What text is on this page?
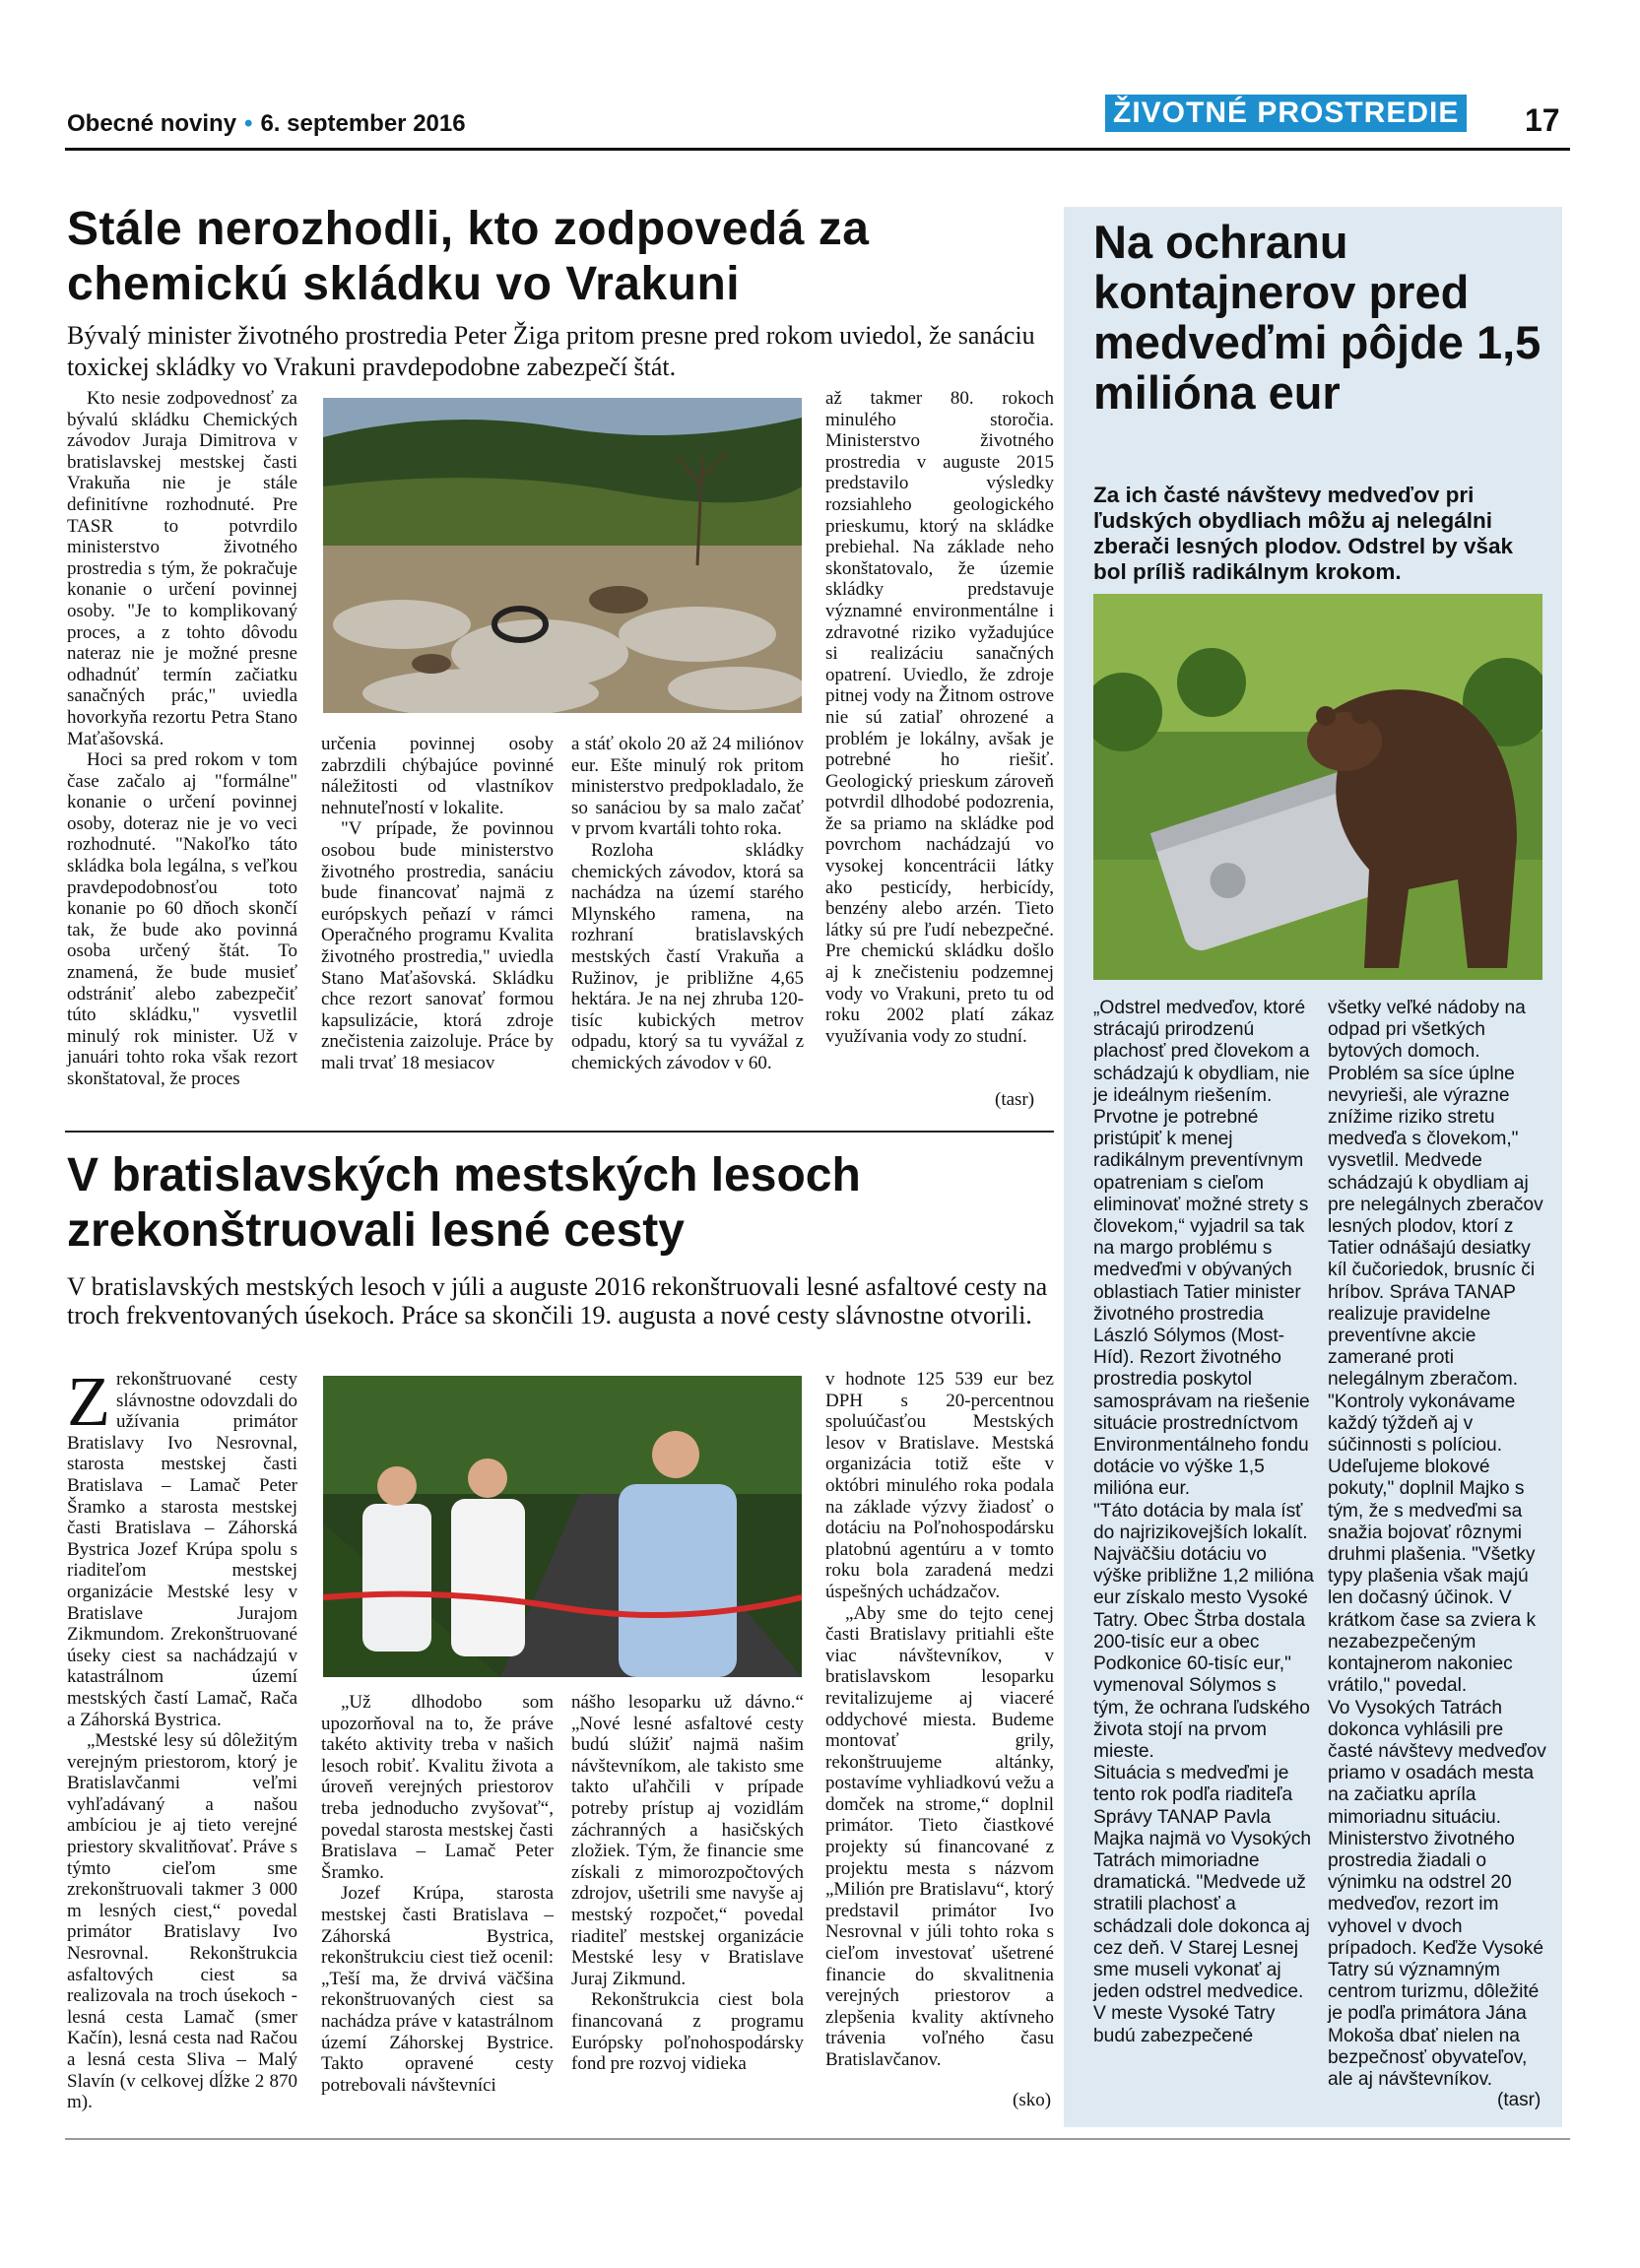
Obecné noviny • 6. september 2016	ŽIVOTNÉ PROSTREDIE 17
Stále nerozhodli, kto zodpovedá za chemickú skládku vo Vrakuni
Bývalý minister životného prostredia Peter Žiga pritom presne pred rokom uviedol, že sanáciu toxickej skládky vo Vrakuni pravdepodobne zabezpečí štát.

Kto nesie zodpovednosť za bývalú skládku Chemických závodov Juraja Dimitrova v bratislavskej mestskej časti Vrakuňa nie je stále definitívne rozhodnuté. Pre TASR to potvrdilo ministerstvo životného prostredia s tým, že pokračuje konanie o určení povinnej osoby. "Je to komplikovaný proces, a z tohto dôvodu nateraz nie je možné presne odhadnúť termín začiatku sanačných prác," uviedla hovorkyňa rezortu Petra Stano Maťašovská.

Hoci sa pred rokom v tom čase začalo aj "formálne" konanie o určení povinnej osoby, doteraz nie je vo veci rozhodnuté. "Nakoľko táto skládka bola legálna, s veľkou pravdepodobnosťou toto konanie po 60 dňoch skončí tak, že bude ako povinná osoba určený štát. To znamená, že bude musieť odstrániť alebo zabezpečiť túto skládku," vysvetlil minulý rok minister. Už v januári tohto roka však rezort skonštatoval, že proces

určenia povinnej osoby zabrzdili chýbajúce povinné náležitosti od vlastníkov nehnuteľností v lokalite.

"V prípade, že povinnou osobou bude ministerstvo životného prostredia, sanáciu bude financovať najmä z európskych peňazí v rámci Operačného programu Kvalita životného prostredia," uviedla Stano Maťašovská. Skládku chce rezort sanovať formou kapsulizácie, ktorá zdroje znečistenia zaizoluje. Práce by mali trvať 18 mesiacov

a stáť okolo 20 až 24 miliónov eur. Ešte minulý rok pritom ministerstvo predpokladalo, že so sanáciou by sa malo začať v prvom kvartáli tohto roka.

Rozloha skládky chemických závodov, ktorá sa nachádza na území starého Mlynského ramena, na rozhraní bratislavských mestských častí Vrakuňa a Ružinov, je približne 4,65 hektára. Je na nej zhruba 120-tisíc kubických metrov odpadu, ktorý sa tu vyvážal z chemických závodov v 60.

až takmer 80. rokoch minulého storočia. Ministerstvo životného prostredia v auguste 2015 predstavilo výsledky rozsiahleho geologického prieskumu, ktorý na skládke prebiehal. Na základe neho skonštatovalo, že územie skládky predstavuje významné environmentálne i zdravotné riziko vyžadujúce si realizáciu sanačných opatrení. Uviedlo, že zdroje pitnej vody na Žitnom ostrove nie sú zatiaľ ohrozené a problém je lokálny, avšak je potrebné ho riešiť. Geologický prieskum zároveň potvrdil dlhodobé podozrenia, že sa priamo na skládke pod povrchom nachádzajú vo vysokej koncentrácii látky ako pesticídy, herbicídy, benzény alebo arzén. Tieto látky sú pre ľudí nebezpečné. Pre chemickú skládku došlo aj k znečisteniu podzemnej vody vo Vrakuni, preto tu od roku 2002 platí zákaz využívania vody zo studní.

(tasr)
V bratislavských mestských lesoch zrekonštruovali lesné cesty
V bratislavských mestských lesoch v júli a auguste 2016 rekonštruovali lesné asfaltové cesty na troch frekventovaných úsekoch. Práce sa skončili 19. augusta a nové cesty slávnostne otvorili.
Z rekonštruované cesty slávnostne odovzdali do užívania primátor Bratislavy Ivo Nesrovnal, starosta mestskej časti Bratislava – Lamač Peter Šramko a starosta mestskej časti Bratislava – Záhorská Bystrica Jozef Krúpa spolu s riaditeľom mestskej organizácie Mestské lesy v Bratislave Jurajom Zikmundom. Zrekonštruované úseky ciest sa nachádzajú v katastrálnom území mestských častí Lamač, Rača a Záhorská Bystrica.

„Mestské lesy sú dôležitým verejným priestorom, ktorý je Bratislavčanmi veľmi vyhľadávaný a našou ambíciou je aj tieto verejné priestory skvalitňovať. Práve s týmto cieľom sme zrekonštruovali takmer 3 000 m lesných ciest,“ povedal primátor Bratislavy Ivo Nesrovnal. Rekonštrukcia asfaltových ciest sa realizovala na troch úsekoch - lesná cesta Lamač (smer Kačín), lesná cesta nad Račou a lesná cesta Sliva – Malý Slavín (v celkovej dĺžke 2 870 m).

„Už dlhodobo som upozorňoval na to, že práve takéto aktivity treba v našich lesoch robiť. Kvalitu života a úroveň verejných priestorov treba jednoducho zvyšovať“, povedal starosta mestskej časti Bratislava – Lamač Peter Šramko.

Jozef Krúpa, starosta mestskej časti Bratislava – Záhorská Bystrica, rekonštrukciu ciest tiež ocenil: „Teší ma, že drvivá väčšina rekonštruovaných ciest sa nachádza práve v katastrálnom území Záhorskej Bystrice. Takto opravené cesty potrebovali návštevníci

nášho lesoparku už dávno.“ „Nové lesné asfaltové cesty budú slúžiť najmä našim návštevníkom, ale takisto sme takto uľahčili v prípade potreby prístup aj vozidlám záchranných a hasičských zložiek. Tým, že financie sme získali z mimorozpočtových zdrojov, ušetrili sme navyše aj mestský rozpočet,“ povedal riaditeľ mestskej organizácie Mestské lesy v Bratislave Juraj Zikmund.

Rekonštrukcia ciest bola financovaná z programu Európsky poľnohospodársky fond pre rozvoj vidieka

v hodnote 125 539 eur bez DPH s 20-percentnou spoluúčasťou Mestských lesov v Bratislave. Mestská organizácia totiž ešte v októbri minulého roka podala na základe výzvy žiadosť o dotáciu na Poľnohospodársku platobnú agentúru a v tomto roku bola zaradená medzi úspešných uchádzačov.

„Aby sme do tejto cenej časti Bratislavy pritiahli ešte viac návštevníkov, v bratislavskom lesoparku revitalizujeme aj viaceré oddychové miesta. Budeme montovať grily, rekonštruujeme altánky, postavíme vyhliadkovú vežu a domček na strome,“ doplnil primátor. Tieto čiastkové projekty sú financované z projektu mesta s názvom „Milión pre Bratislavu“, ktorý predstavil primátor Ivo Nesrovnal v júli tohto roka s cieľom investovať ušetrené financie do skvalitnenia verejných priestorov a zlepšenia kvality aktívneho trávenia voľného času Bratislavčanov.

(sko)
Na ochranu kontajnerov pred medveďmi pôjde 1,5 milióna eur
Za ich časté návštevy medveďov pri ľudských obydliach môžu aj nelegálni zberači lesných plodov. Odstrel by však bol príliš radikálnym krokom.

„Odstrel medveďov, ktoré strácajú prirodzenú plachosť pred človekom a schádzajú k obydliam, nie je ideálnym riešením. Prvotne je potrebné pristúpiť k menej radikálnym preventívnym opatreniam s cieľom eliminovať možné strety s človekom,“ vyjadril sa tak na margo problému s medveďmi v obývaných oblastiach Tatier minister životného prostredia László Sólymos (Most-Híd). Rezort životného prostredia poskytol samosprávam na riešenie situácie prostredníctvom Environmentálneho fondu dotácie vo výške 1,5 milióna eur.

"Táto dotácia by mala ísť do najrizikovejších lokalít. Najväčšiu dotáciu vo výške približne 1,2 milióna eur získalo mesto Vysoké Tatry. Obec Štrba dostala 200-tisíc eur a obec Podkonice 60-tisíc eur," vymenoval Sólymos s tým, že ochrana ľudského života stojí na prvom mieste.

Situácia s medveďmi je tento rok podľa riaditeľa Správy TANAP Pavla Majka najmä vo Vysokých Tatrách mimoriadne dramatická. "Medvede už stratili plachosť a schádzali dole dokonca aj cez deň. V Starej Lesnej sme museli vykonať aj jeden odstrel medvedice. V meste Vysoké Tatry budú zabezpečené

všetky veľké nádoby na odpad pri všetkých bytových domoch. Problém sa síce úplne nevyrieši, ale výrazne znížime riziko stretu medveďa s človekom," vysvetlil. Medvede schádzajú k obydliam aj pre nelegálnych zberačov lesných plodov, ktorí z Tatier odnášajú desiatky kíl čučoriedok, brusníc či hríbov. Správa TANAP realizuje pravidelne preventívne akcie zamerané proti nelegálnym zberačom. "Kontroly vykonávame každý týždeň aj v súčinnosti s políciou. Udeľujeme blokové pokuty," doplnil Majko s tým, že s medveďmi sa snažia bojovať rôznymi druhmi plašenia. "Všetky typy plašenia však majú len dočasný účinok. V krátkom čase sa zviera k nezabezpečeným kontajnerom nakoniec vrátilo," povedal.

Vo Vysokých Tatrách dokonca vyhlásili pre časté návštevy medveďov priamo v osadách mesta na začiatku apríla mimoriadnu situáciu. Ministerstvo životného prostredia žiadali o výnimku na odstrel 20 medveďov, rezort im vyhovel v dvoch prípadoch. Keďže Vysoké Tatry sú významným centrom turizmu, dôležité je podľa primátora Jána Mokoša dbať nielen na bezpečnosť obyvateľov, ale aj návštevníkov.

(tasr)
